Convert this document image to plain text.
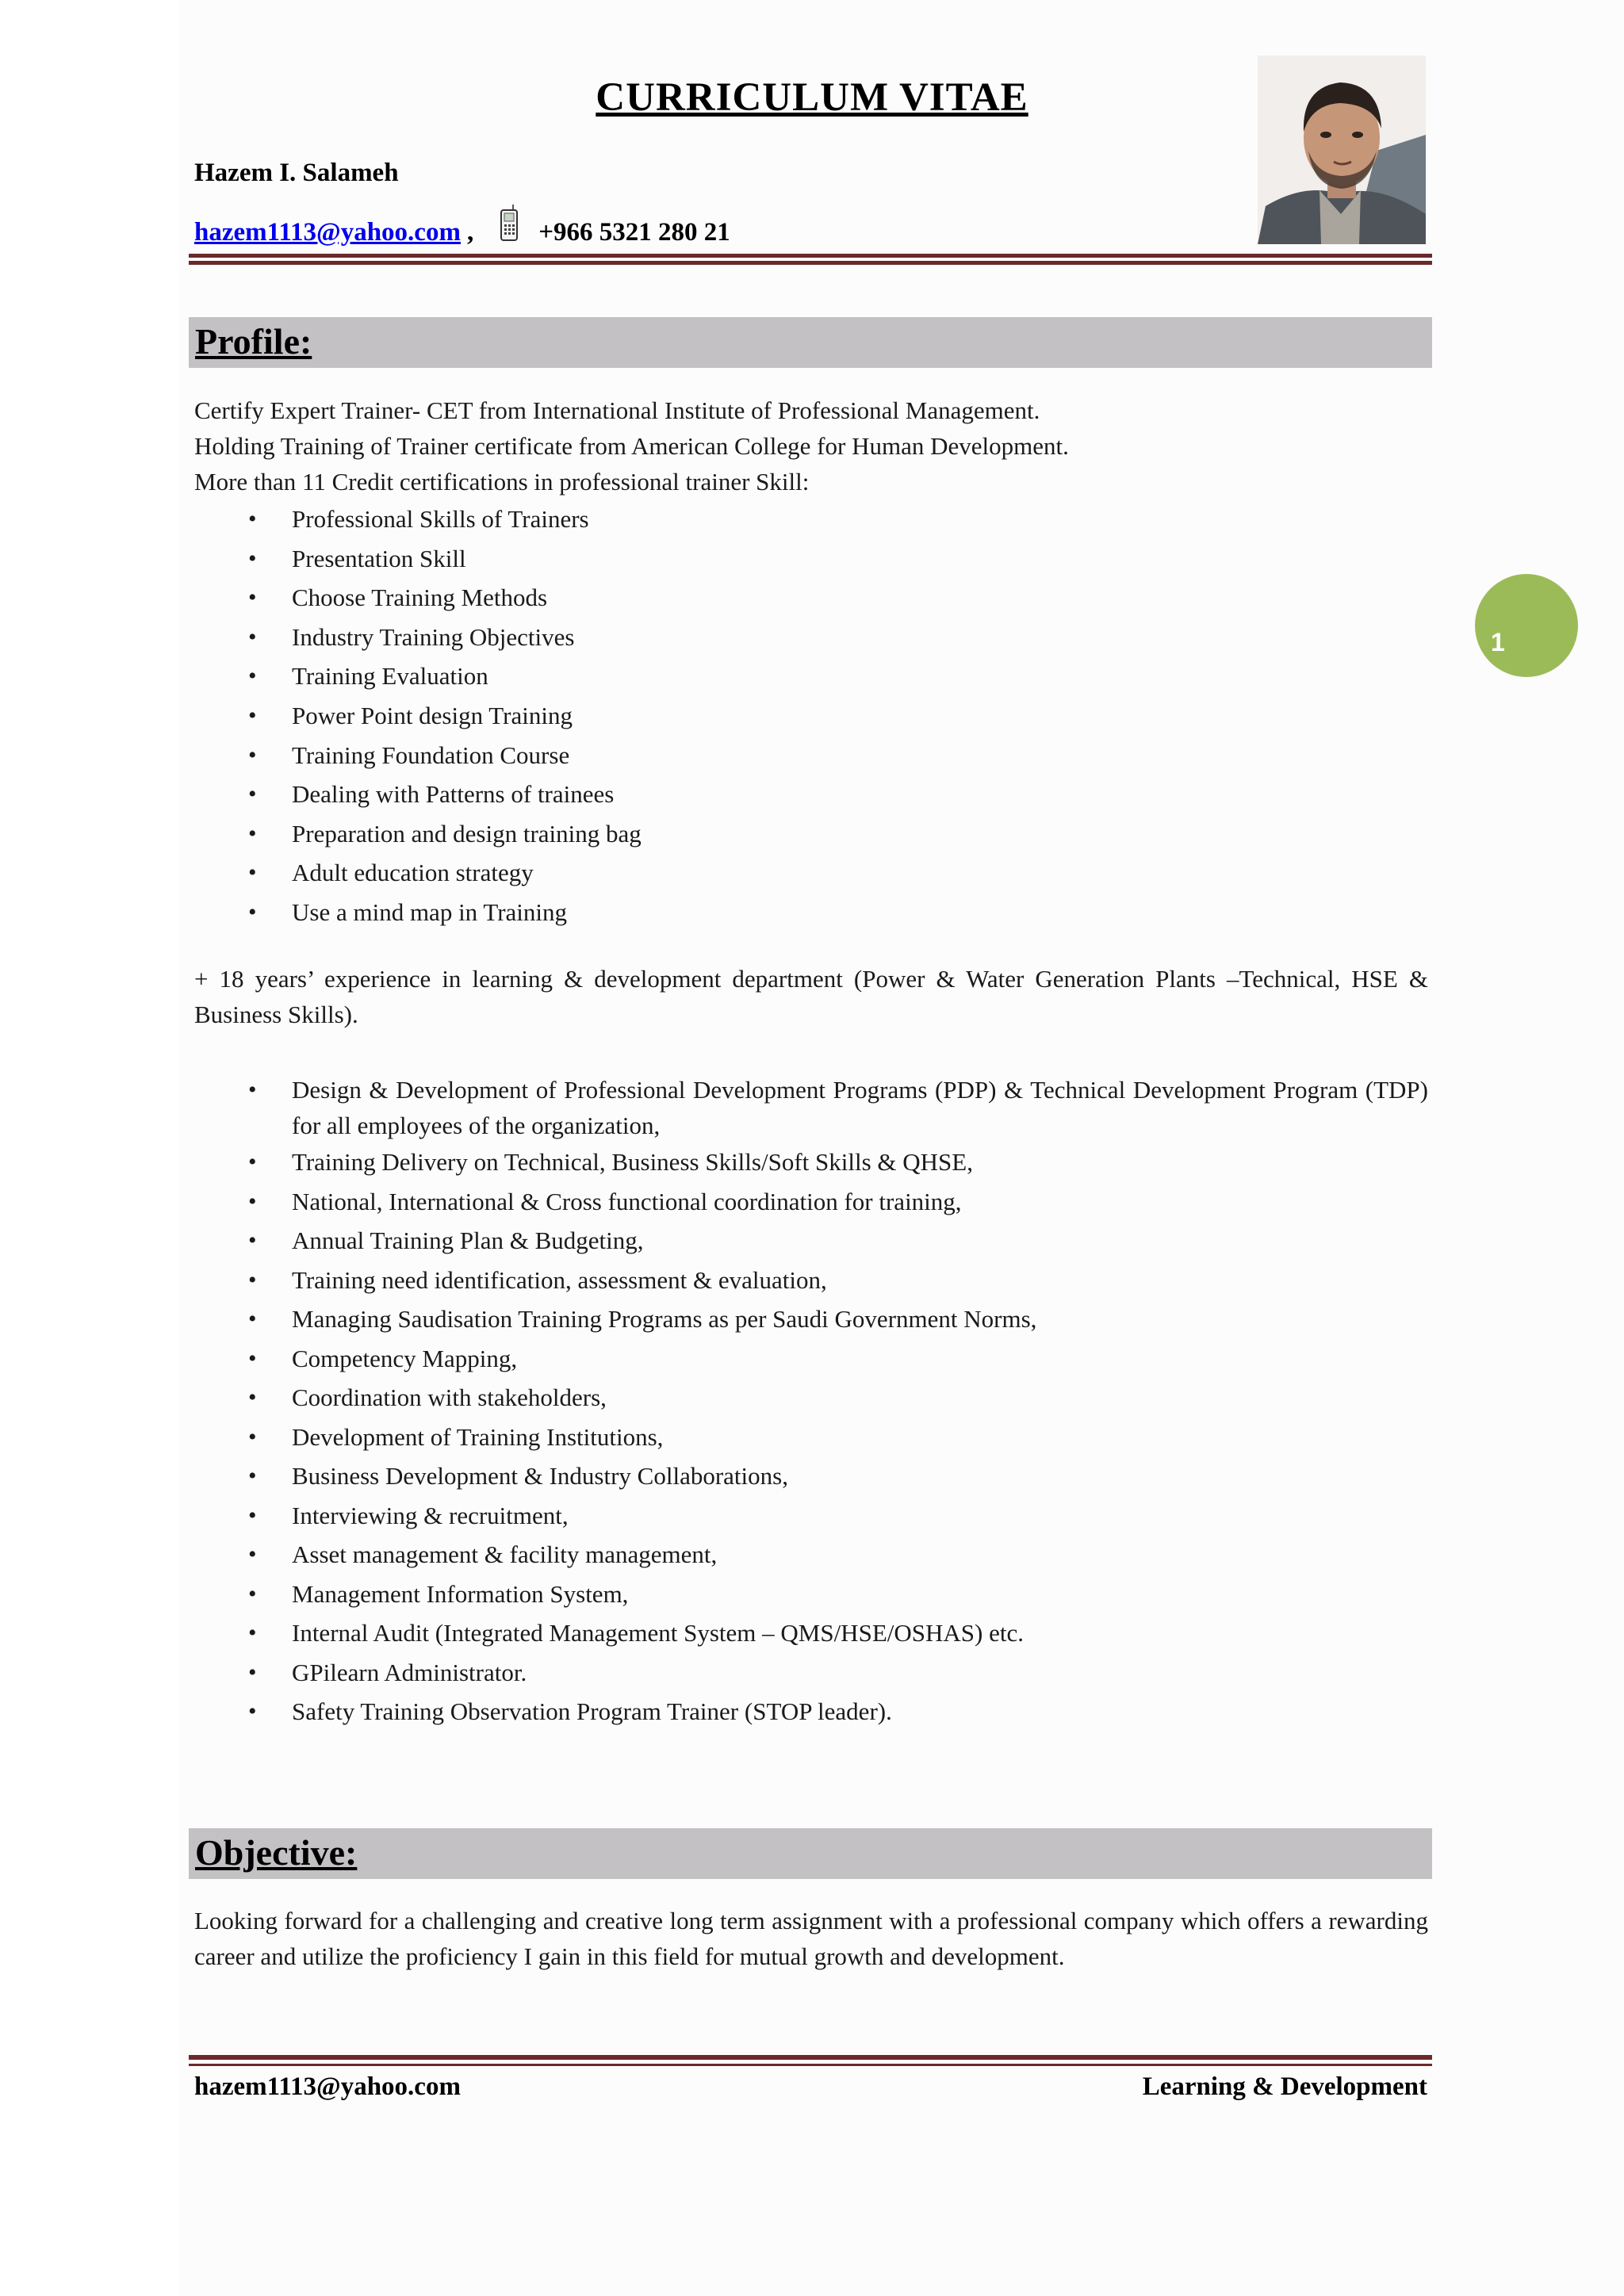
CURRICULUM VITAE
Hazem I. Salameh
hazem1113@yahoo.com , +966 5321 280 21
Profile:
Certify Expert Trainer- CET from International Institute of Professional Management.
Holding Training of Trainer certificate from American College for Human Development.
More than 11 Credit certifications in professional trainer Skill:
• Professional Skills of Trainers
• Presentation Skill
• Choose Training Methods
• Industry Training Objectives
• Training Evaluation
• Power Point design Training
• Training Foundation Course
• Dealing with Patterns of trainees
• Preparation and design training bag
• Adult education strategy
• Use a mind map in Training
+ 18 years’ experience in learning & development department (Power & Water Generation Plants –Technical, HSE & Business Skills).
• Design & Development of Professional Development Programs (PDP) & Technical Development Program (TDP) for all employees of the organization,
• Training Delivery on Technical, Business Skills/Soft Skills & QHSE,
• National, International & Cross functional coordination for training,
• Annual Training Plan & Budgeting,
• Training need identification, assessment & evaluation,
• Managing Saudisation Training Programs as per Saudi Government Norms,
• Competency Mapping,
• Coordination with stakeholders,
• Development of Training Institutions,
• Business Development & Industry Collaborations,
• Interviewing & recruitment,
• Asset management & facility management,
• Management Information System,
• Internal Audit (Integrated Management System – QMS/HSE/OSHAS) etc.
• GPilearn Administrator.
• Safety Training Observation Program Trainer (STOP leader).
Objective:
Looking forward for a challenging and creative long term assignment with a professional company which offers a rewarding career and utilize the proficiency I gain in this field for mutual growth and development.
1
hazem1113@yahoo.com	Learning & Development
